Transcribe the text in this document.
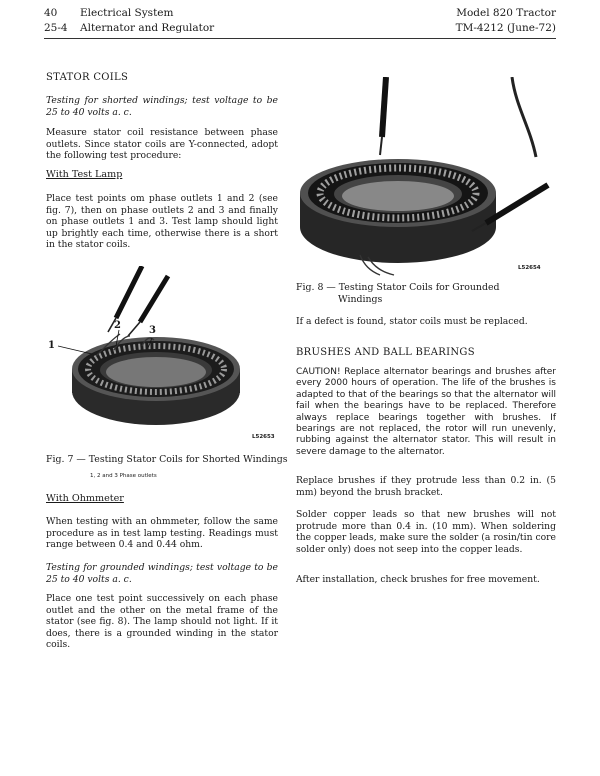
40 Electrical System
25-4 Alternator and Regulator
Model 820 Tractor
TM-4212 (June-72)
STATOR COILS
Testing for shorted windings; test voltage to be 25 to 40 volts a. c.
Measure stator coil resistance between phase outlets. Since stator coils are Y-connected, adopt the following test procedure:
With Test Lamp
Place test points om phase outlets 1 and 2 (see fig. 7), then on phase outlets 2 and 3 and finally on phase outlets 1 and 3. Test lamp should light up brightly each time, otherwise there is a short in the stator coils.
1
2	3
L52653
Fig. 7 — Testing Stator Coils for Shorted Windings
1, 2 and 3 Phase outlets
With Ohmmeter
When testing with an ohmmeter, follow the same procedure as in test lamp testing. Readings must range between 0.4 and 0.44 ohm.
Testing for grounded windings; test voltage to be 25 to 40 volts a. c.
Place one test point successively on each phase outlet and the other on the metal frame of the stator (see fig. 8). The lamp should not light. If it does, there is a grounded winding in the stator coils.
L52654
Fig. 8 — Testing Stator Coils for Grounded
Windings
If a defect is found, stator coils must be replaced.
BRUSHES AND BALL BEARINGS
CAUTION! Replace alternator bearings and brushes after every 2000 hours of operation. The life of the brushes is adapted to that of the bearings so that the alternator will fail when the bearings have to be replaced. Therefore always replace bearings together with brushes. If bearings are not replaced, the rotor will run unevenly, rubbing against the alternator stator. This will result in severe damage to the alternator.
Replace brushes if they protrude less than 0.2 in. (5 mm) beyond the brush bracket.
Solder copper leads so that new brushes will not protrude more than 0.4 in. (10 mm). When soldering the copper leads, make sure the solder (a rosin/tin core solder only) does not seep into the copper leads.
After installation, check brushes for free movement.
